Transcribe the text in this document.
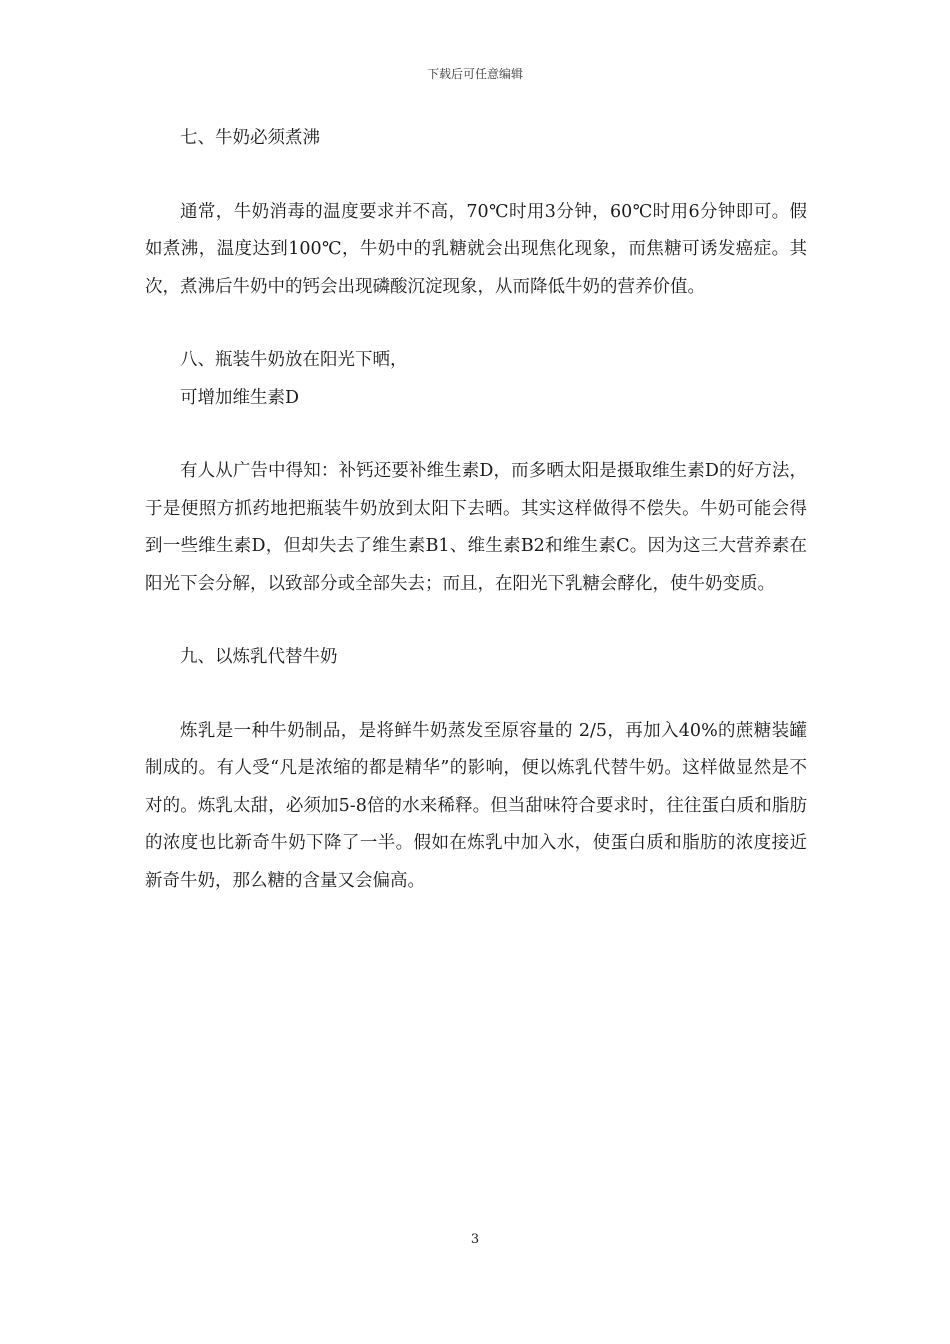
下载后可任意编辑

七、牛奶必须煮沸

通常，牛奶消毒的温度要求并不高，70℃时用3分钟，60℃时用6分钟即可。假如煮沸，温度达到100℃，牛奶中的乳糖就会出现焦化现象，而焦糖可诱发癌症。其次，煮沸后牛奶中的钙会出现磷酸沉淀现象，从而降低牛奶的营养价值。

八、瓶装牛奶放在阳光下晒，

可增加维生素D

有人从广告中得知：补钙还要补维生素D，而多晒太阳是摄取维生素D的好方法，于是便照方抓药地把瓶装牛奶放到太阳下去晒。其实这样做得不偿失。牛奶可能会得到一些维生素D，但却失去了维生素B1、维生素B2和维生素C。因为这三大营养素在阳光下会分解，以致部分或全部失去；而且，在阳光下乳糖会酵化，使牛奶变质。

九、以炼乳代替牛奶

炼乳是一种牛奶制品，是将鲜牛奶蒸发至原容量的 2/5，再加入40%的蔗糖装罐制成的。有人受“凡是浓缩的都是精华”的影响，便以炼乳代替牛奶。这样做显然是不对的。炼乳太甜，必须加5-8倍的水来稀释。但当甜味符合要求时，往往蛋白质和脂肪的浓度也比新奇牛奶下降了一半。假如在炼乳中加入水，使蛋白质和脂肪的浓度接近新奇牛奶，那么糖的含量又会偏高。

3
